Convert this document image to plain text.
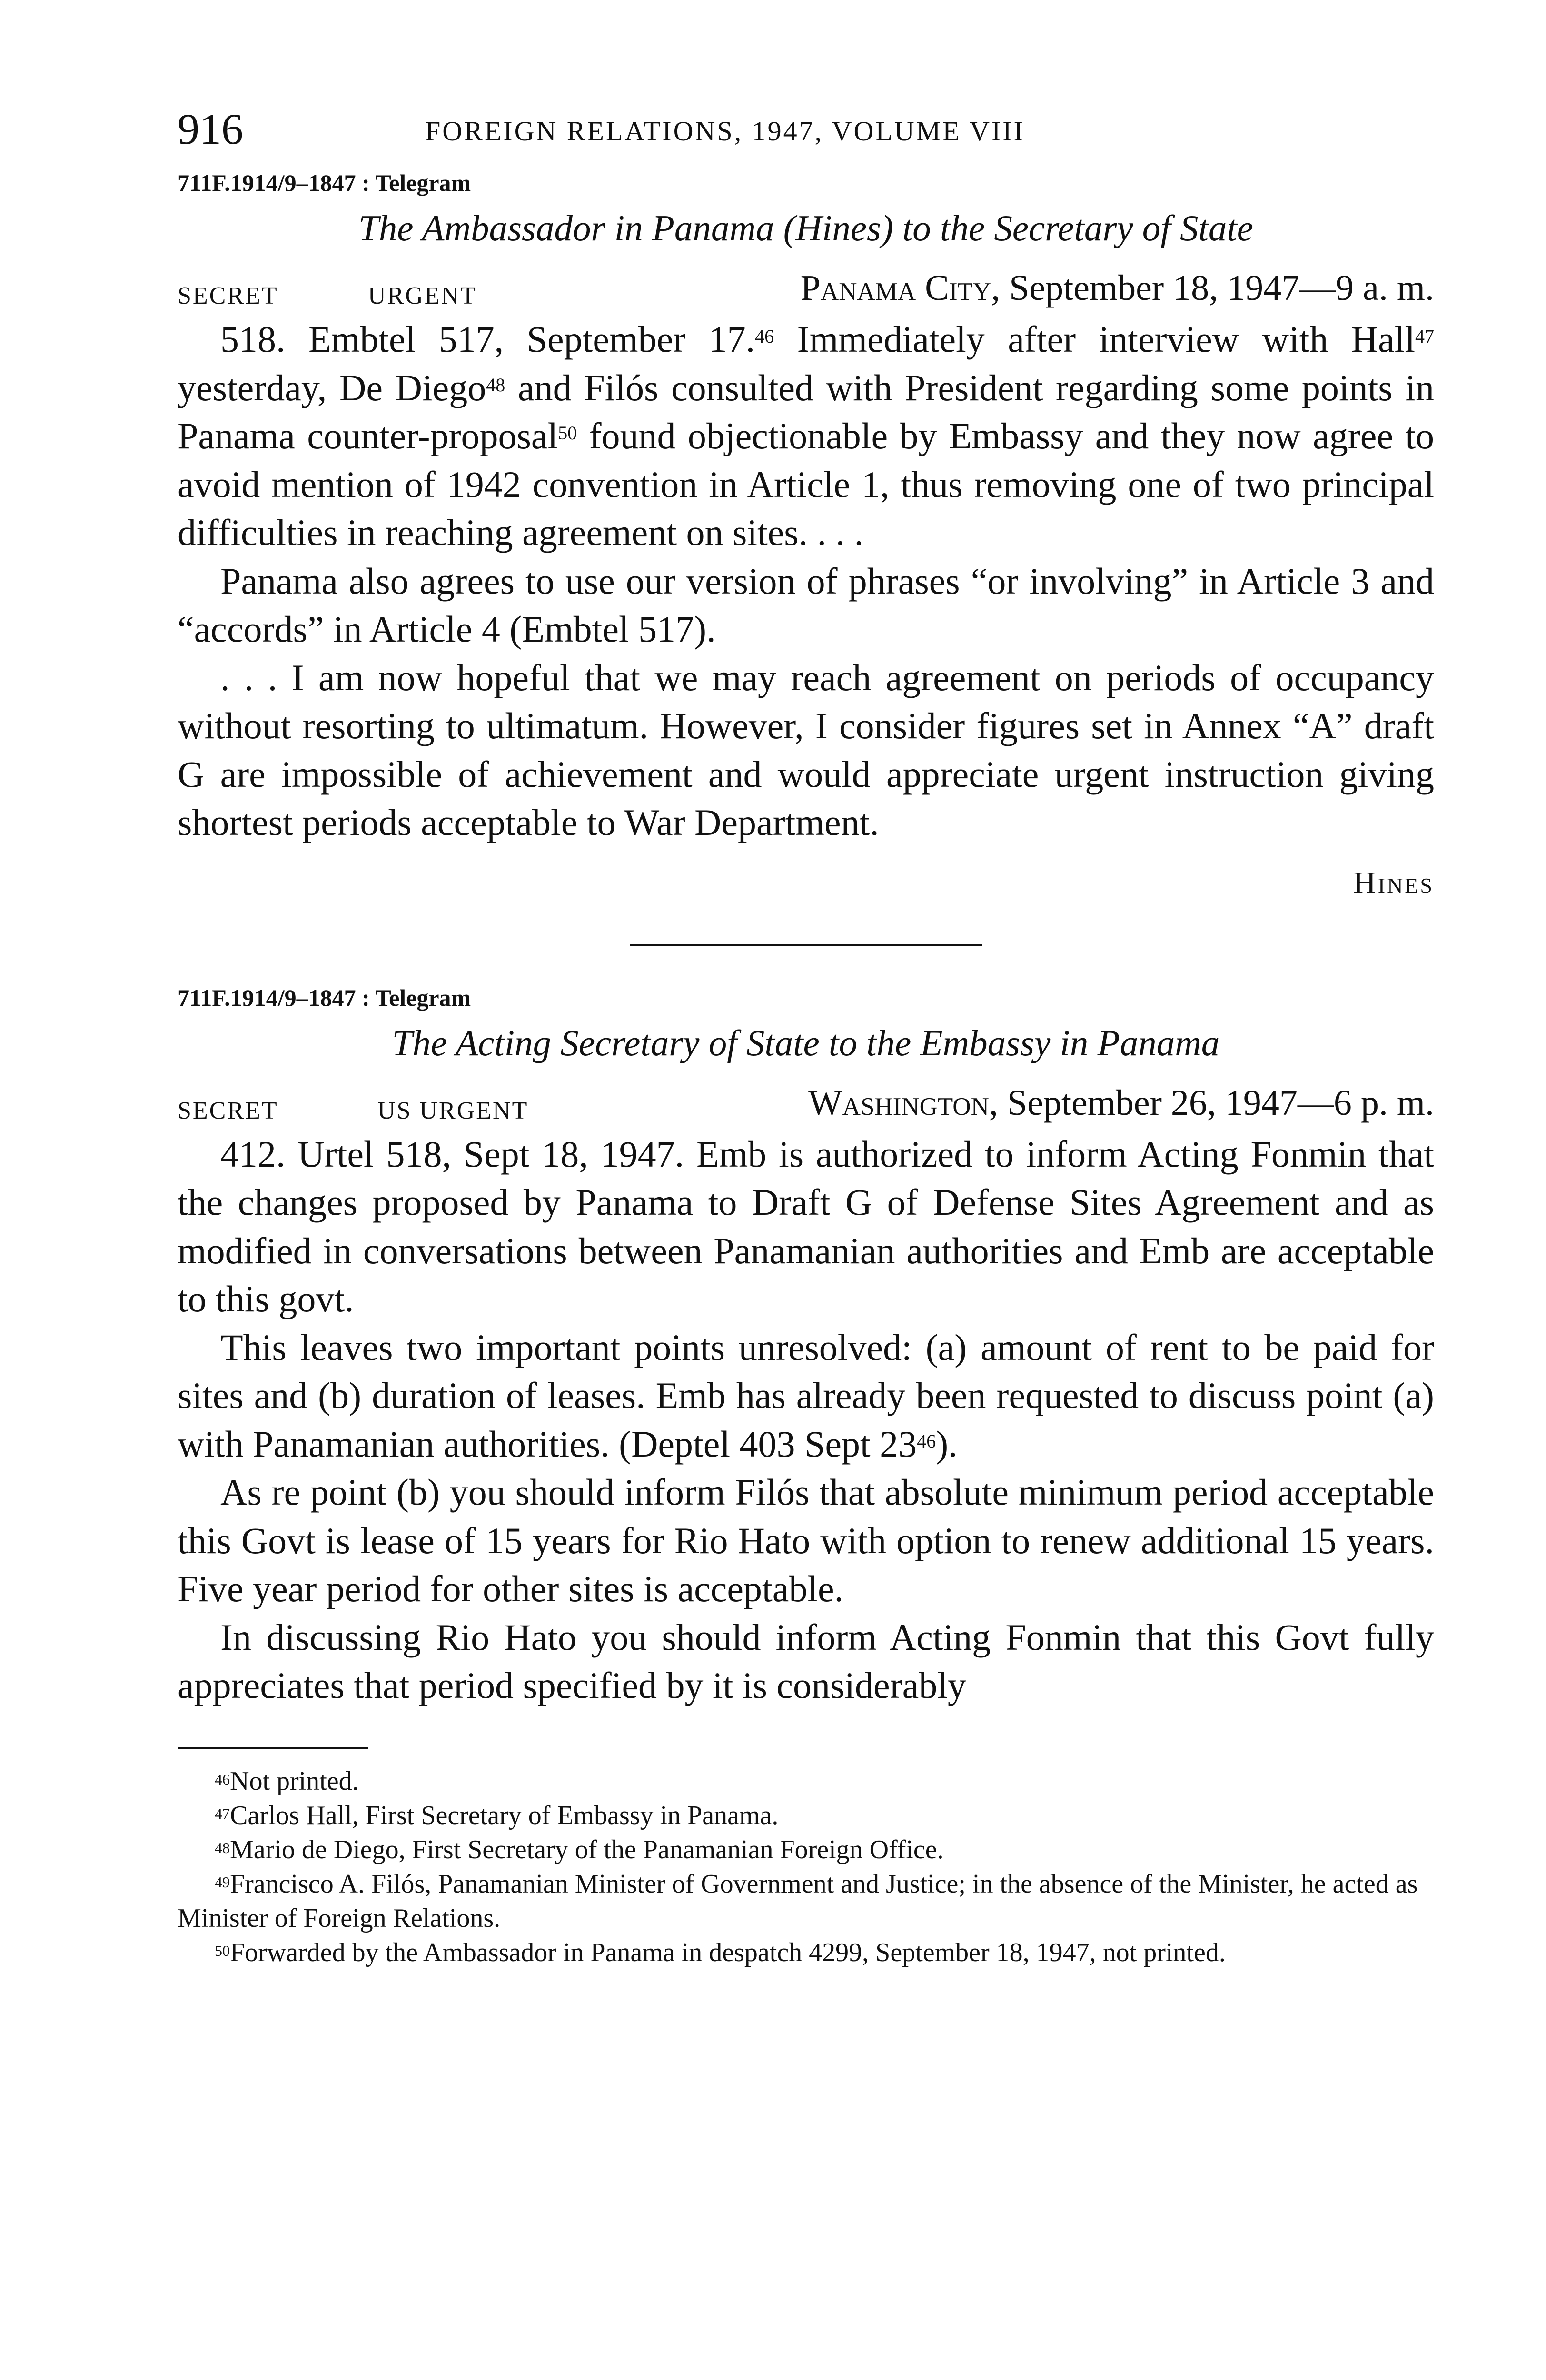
916	FOREIGN RELATIONS, 1947, VOLUME VIII
711F.1914/9–1847 : Telegram
The Ambassador in Panama (Hines) to the Secretary of State
SECRET	URGENT	Panama City, September 18, 1947—9 a. m.

518. Embtel 517, September 17.46 Immediately after interview with Hall$^{47}$ yesterday, De Diego$^{48}$ and Filós consulted with President regarding some points in Panama counter-proposal$^{50}$ found objectionable by Embassy and they now agree to avoid mention of 1942 convention in Article 1, thus removing one of two principal difficulties in reaching agreement on sites. . . .

Panama also agrees to use our version of phrases “or involving” in Article 3 and “accords” in Article 4 (Embtel 517).

. . . I am now hopeful that we may reach agreement on periods of occupancy without resorting to ultimatum. However, I consider figures set in Annex “A” draft G are impossible of achievement and would appreciate urgent instruction giving shortest periods acceptable to War Department.

Hines
711F.1914/9–1847 : Telegram
The Acting Secretary of State to the Embassy in Panama
SECRET	US URGENT	Washington, September 26, 1947—6 p. m.

412. Urtel 518, Sept 18, 1947. Emb is authorized to inform Acting Fonmin that the changes proposed by Panama to Draft G of Defense Sites Agreement and as modified in conversations between Panamanian authorities and Emb are acceptable to this govt.

This leaves two important points unresolved: (a) amount of rent to be paid for sites and (b) duration of leases. Emb has already been requested to discuss point (a) with Panamanian authorities. (Deptel 403 Sept $23^{46}$).

As re point (b) you should inform Filós that absolute minimum period acceptable this Govt is lease of 15 years for Rio Hato with option to renew additional 15 years. Five year period for other sites is acceptable.

In discussing Rio Hato you should inform Acting Fonmin that this Govt fully appreciates that period specified by it is considerably

$^{46}$Not printed.

$^{47}$Carlos Hall, First Secretary of Embassy in Panama.

$^{48}$Mario de Diego, First Secretary of the Panamanian Foreign Office.

$^{49}$Francisco A. Filós, Panamanian Minister of Government and Justice; in the absence of the Minister, he acted as Minister of Foreign Relations.

$^{50}$Forwarded by the Ambassador in Panama in despatch 4299, September 18, 1947, not printed.
